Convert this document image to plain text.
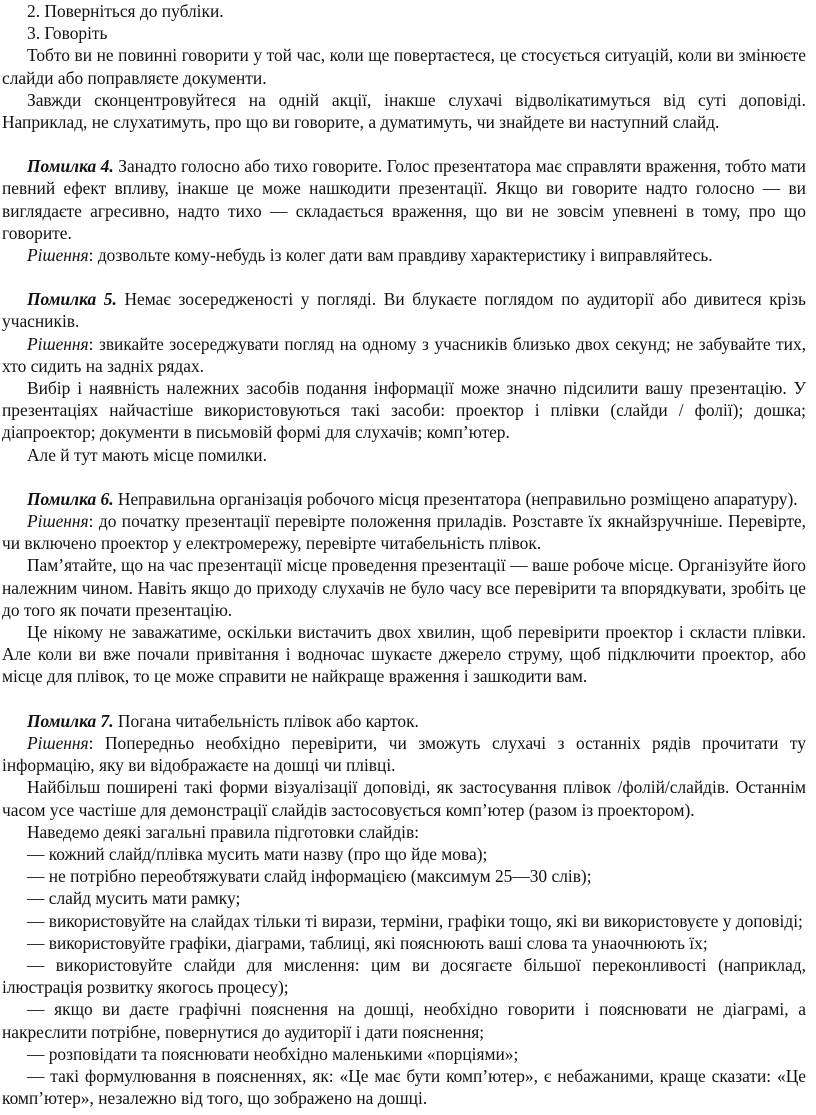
2. Поверніться до публіки.

3. Говоріть

Тобто ви не повинні говорити у той час, коли ще повертаєтеся, це стосується ситуацій, коли ви змінюєте слайди або поправляєте документи.

Завжди сконцентровуйтеся на одній акції, інакше слухачі відволікатимуться від суті доповіді. Наприклад, не слухатимуть, про що ви говорите, а думатимуть, чи знайдете ви наступний слайд.

Помилка 4. Занадто голосно або тихо говорите. Голос презентатора має справляти враження, тобто мати певний ефект впливу, інакше це може нашкодити презентації. Якщо ви говорите надто голосно — ви виглядаєте агресивно, надто тихо — складається враження, що ви не зовсім упевнені в тому, про що говорите.

Рішення: дозвольте кому-небудь із колег дати вам правдиву характеристику і виправляйтесь.

Помилка 5. Немає зосередженості у погляді. Ви блукаєте поглядом по аудиторії або дивитеся крізь учасників.

Рішення: звикайте зосереджувати погляд на одному з учасників близько двох секунд; не забувайте тих, хто сидить на задніх рядах.

Вибір і наявність належних засобів подання інформації може значно підсилити вашу презентацію. У презентаціях найчастіше використовуються такі засоби: проектор і плівки (слайди / фолії); дошка; діапроектор; документи в письмовій формі для слухачів; комп’ютер.

Але й тут мають місце помилки.

Помилка 6. Неправильна організація робочого місця презентатора (неправильно розміщено апаратуру).

Рішення: до початку презентації перевірте положення приладів. Розставте їх якнайзручніше. Перевірте, чи включено проектор у електромережу, перевірте читабельність плівок.

Пам’ятайте, що на час презентації місце проведення презентації — ваше робоче місце. Організуйте його належним чином. Навіть якщо до приходу слухачів не було часу все перевірити та впорядкувати, зробіть це до того як почати презентацію.

Це нікому не заважатиме, оскільки вистачить двох хвилин, щоб перевірити проектор і скласти плівки. Але коли ви вже почали привітання і водночас шукаєте джерело струму, щоб підключити проектор, або місце для плівок, то це може справити не найкраще враження і зашкодити вам.

Помилка 7. Погана читабельність плівок або карток.

Рішення: Попередньо необхідно перевірити, чи зможуть слухачі з останніх рядів прочитати ту інформацію, яку ви відображаєте на дошці чи плівці.

Найбільш поширені такі форми візуалізації доповіді, як застосування плівок /фолій/слайдів. Останнім часом усе частіше для демонстрації слайдів застосовується комп’ютер (разом із проектором).

Наведемо деякі загальні правила підготовки слайдів:

— кожний слайд/плівка мусить мати назву (про що йде мова);

— не потрібно переобтяжувати слайд інформацією (максимум 25—30 слів);

— слайд мусить мати рамку;

— використовуйте на слайдах тільки ті вирази, терміни, графіки тощо, які ви використовуєте у доповіді;

— використовуйте графіки, діаграми, таблиці, які пояснюють ваші слова та унаочнюють їх;

— використовуйте слайди для мислення: цим ви досягаєте більшої переконливості (наприклад, ілюстрація розвитку якогось процесу);

— якщо ви даєте графічні пояснення на дошці, необхідно говорити і пояснювати не діаграмі, а накреслити потрібне, повернутися до аудиторії і дати пояснення;

— розповідати та пояснювати необхідно маленькими «порціями»;

— такі формулювання в поясненнях, як: «Це має бути комп’ютер», є небажаними, краще сказати: «Це комп’ютер», незалежно від того, що зображено на дошці.
